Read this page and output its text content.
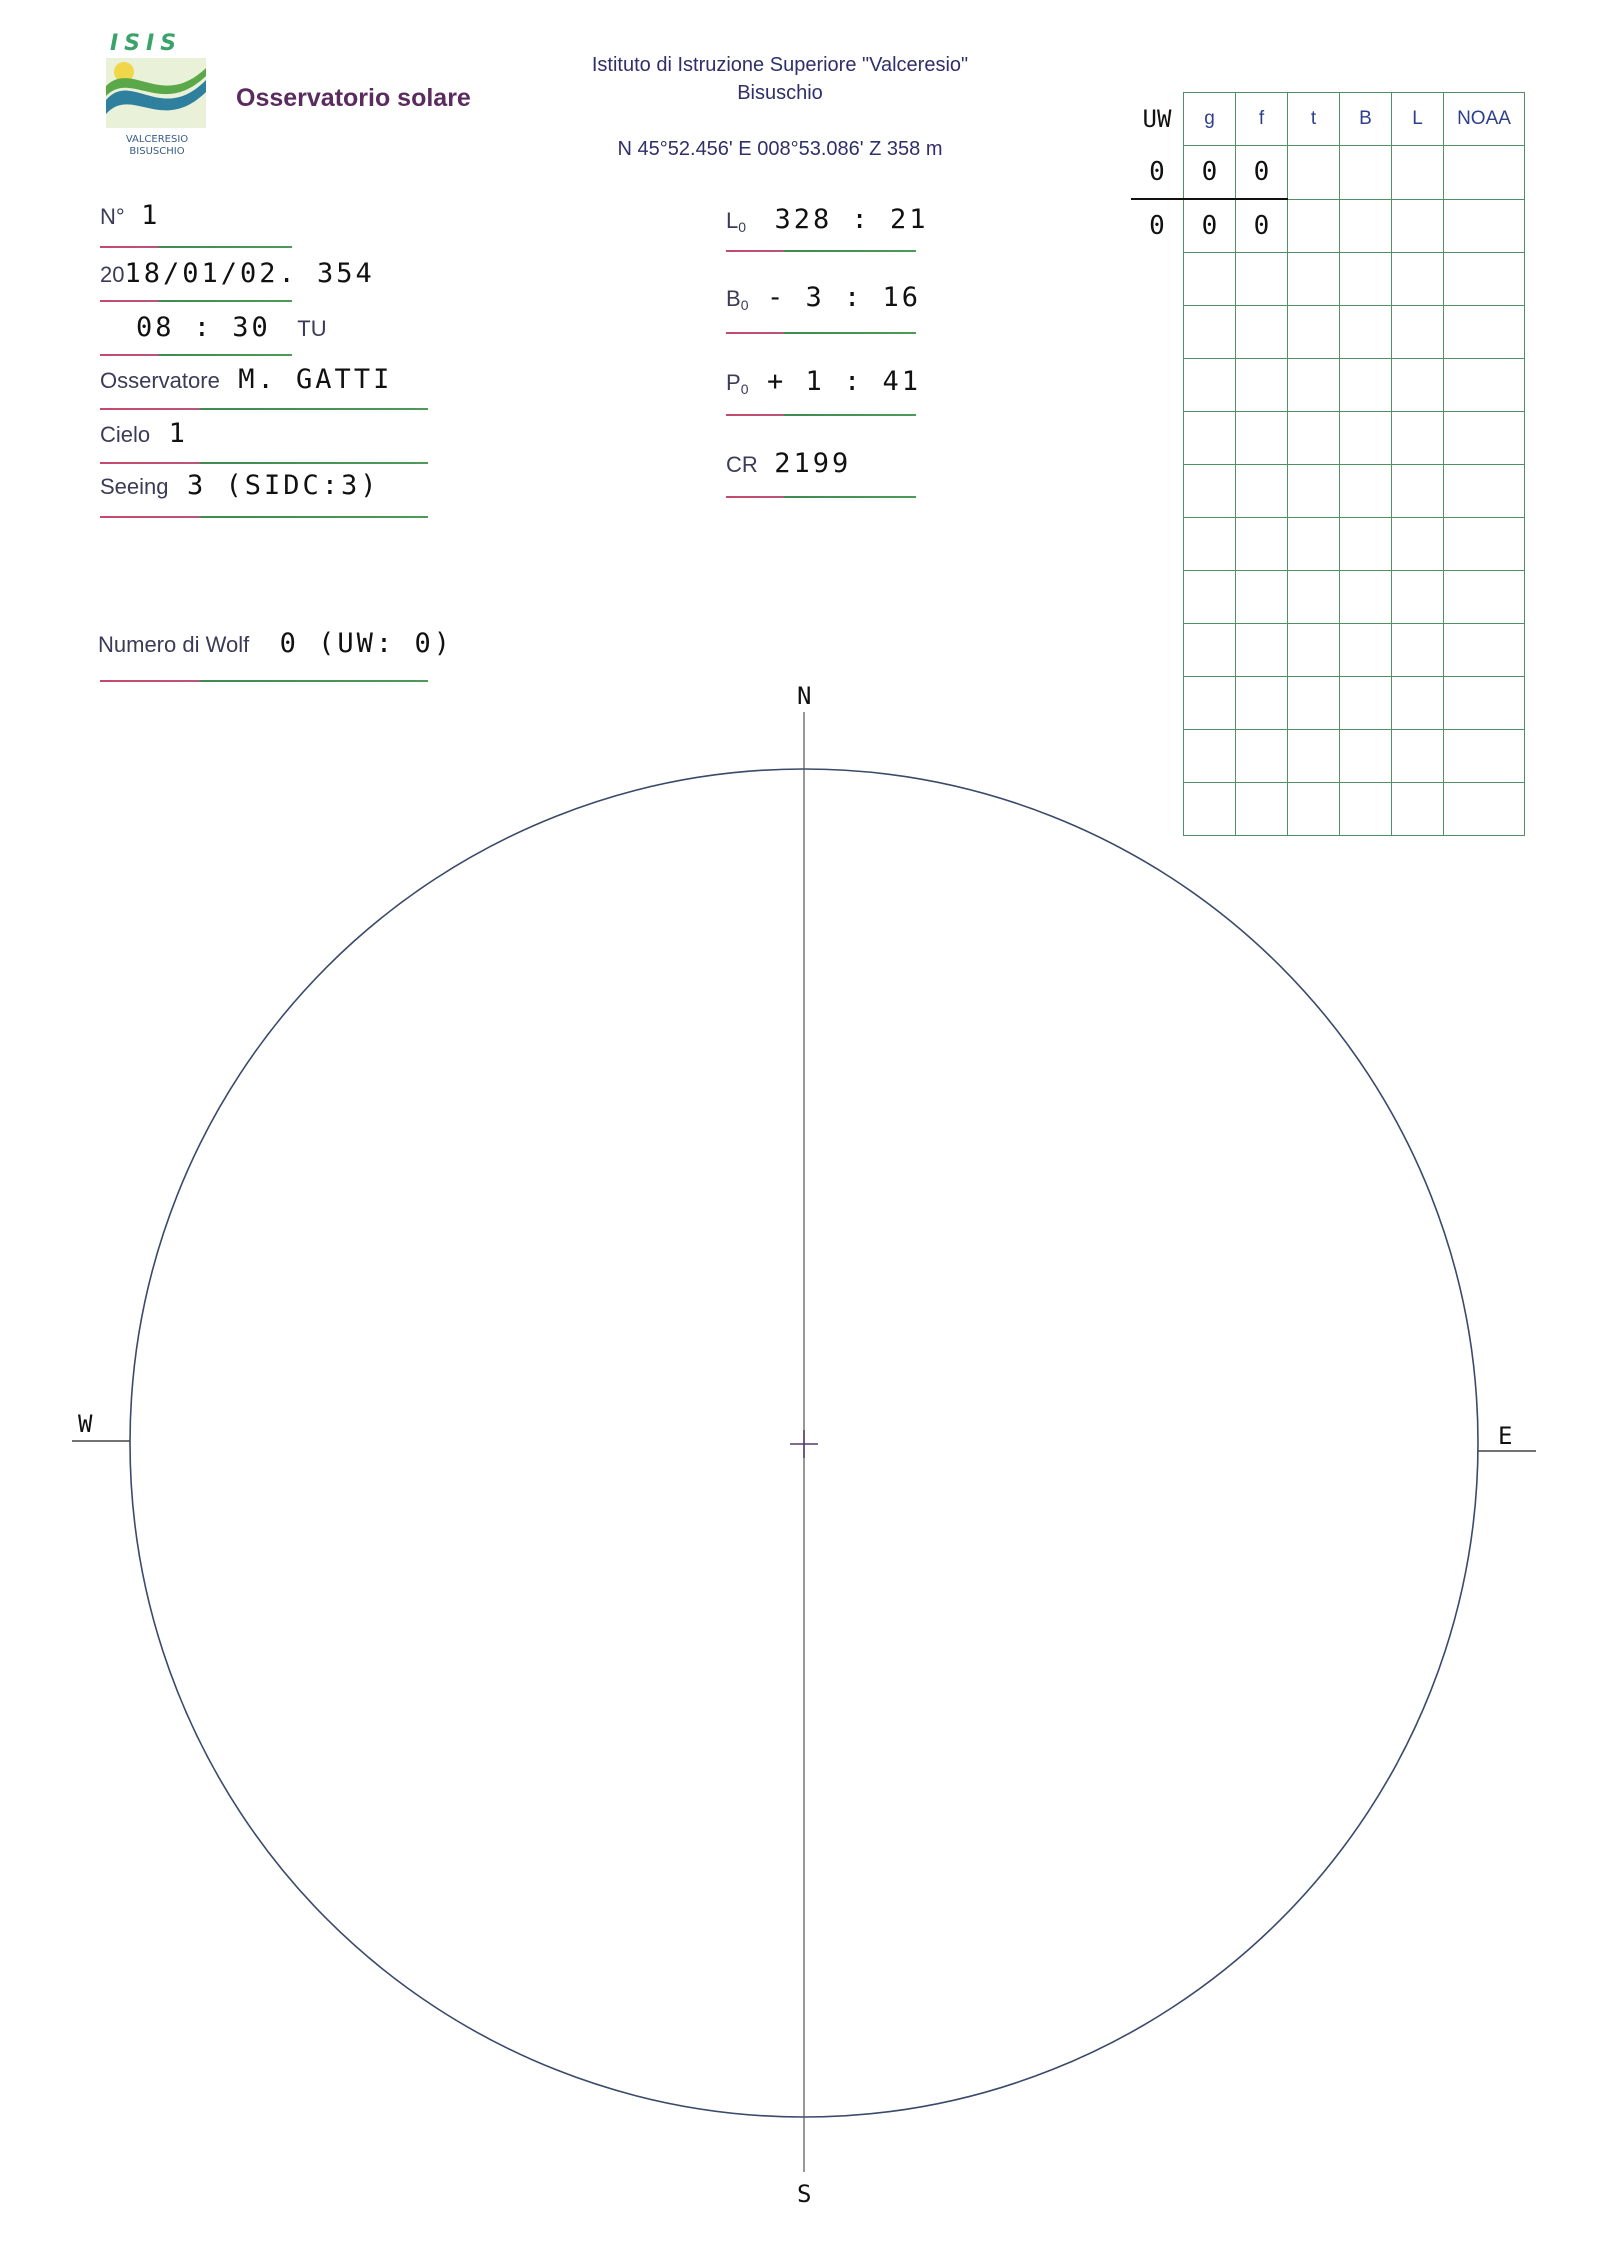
ISIS
VALCERESIO
BISUSCHIO
Osservatorio solare
Istituto di Istruzione Superiore "Valceresio"
Bisuschio
N 45°52.456' E 008°53.086' Z 358 m
N° 1
2018/01/02. 354
08 : 30 TU
Osservatore M. GATTI
Cielo 1
Seeing 3 (SIDC:3)
Numero di Wolf 0 (UW: 0)
$L_0$ 328 : 21
$B_0 - 3$ : 16
$P_0 + 1$ : 41
CR 2199
UW	g	f	t	B	L	NOAA
0	0	0				
0	0	0				

N
S
W	E
